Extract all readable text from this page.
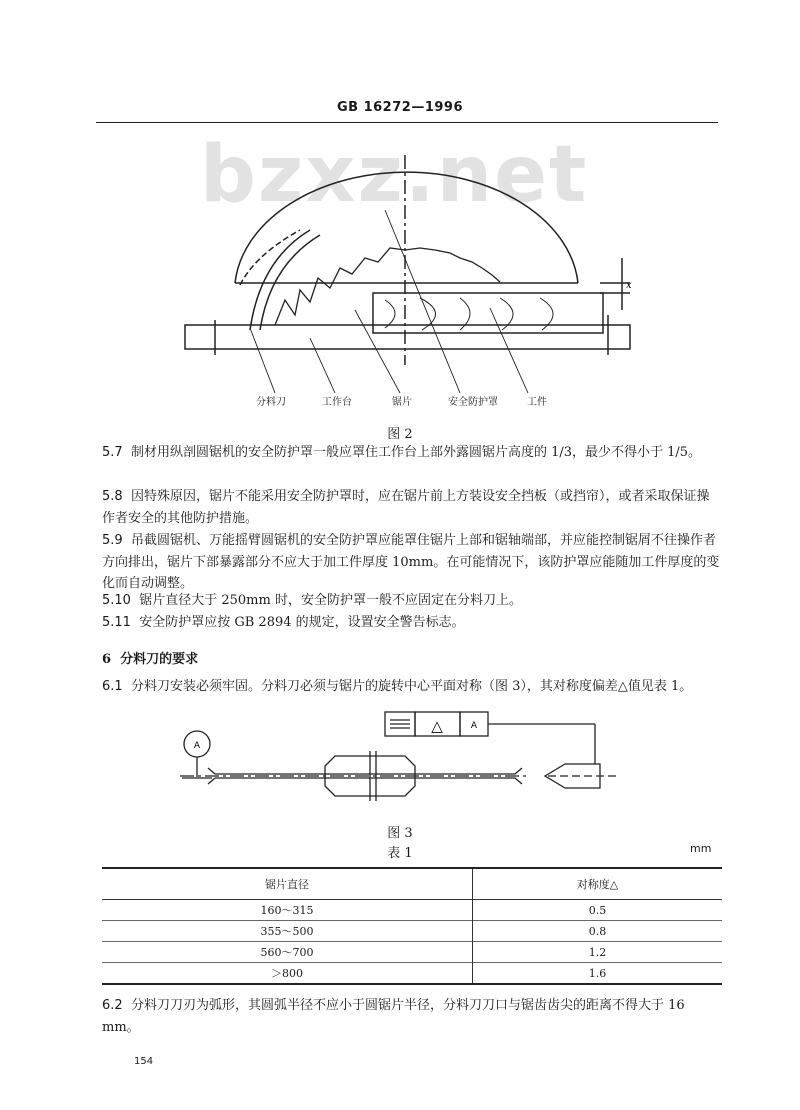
GB 16272—1996
bzxz.net
x
分料刀	工作台	锯片	安全防护罩	工件
图 2
5.7 制材用纵剖圆锯机的安全防护罩一般应罩住工作台上部外露圆锯片高度的 1/3，最少不得小于 1/5。
5.8 因特殊原因，锯片不能采用安全防护罩时，应在锯片前上方装设安全挡板（或挡帘），或者采取保证操作者安全的其他防护措施。
5.9 吊截圆锯机、万能摇臂圆锯机的安全防护罩应能罩住锯片上部和锯轴端部，并应能控制锯屑不往操作者方向排出，锯片下部暴露部分不应大于加工件厚度 10mm。在可能情况下，该防护罩应能随加工件厚度的变化而自动调整。
5.10 锯片直径大于 250mm 时，安全防护罩一般不应固定在分料刀上。
5.11 安全防护罩应按 GB 2894 的规定，设置安全警告标志。
6 分料刀的要求
6.1 分料刀安装必须牢固。分料刀必须与锯片的旋转中心平面对称（图 3），其对称度偏差△值见表 1。
A
△	A
图 3
表 1	mm
锯片直径	对称度△
160～315	0.5
355～500	0.8
560～700	1.2
＞800	1.6
6.2 分料刀刀刃为弧形，其圆弧半径不应小于圆锯片半径，分料刀刀口与锯齿齿尖的距离不得大于 16 mm。
154
